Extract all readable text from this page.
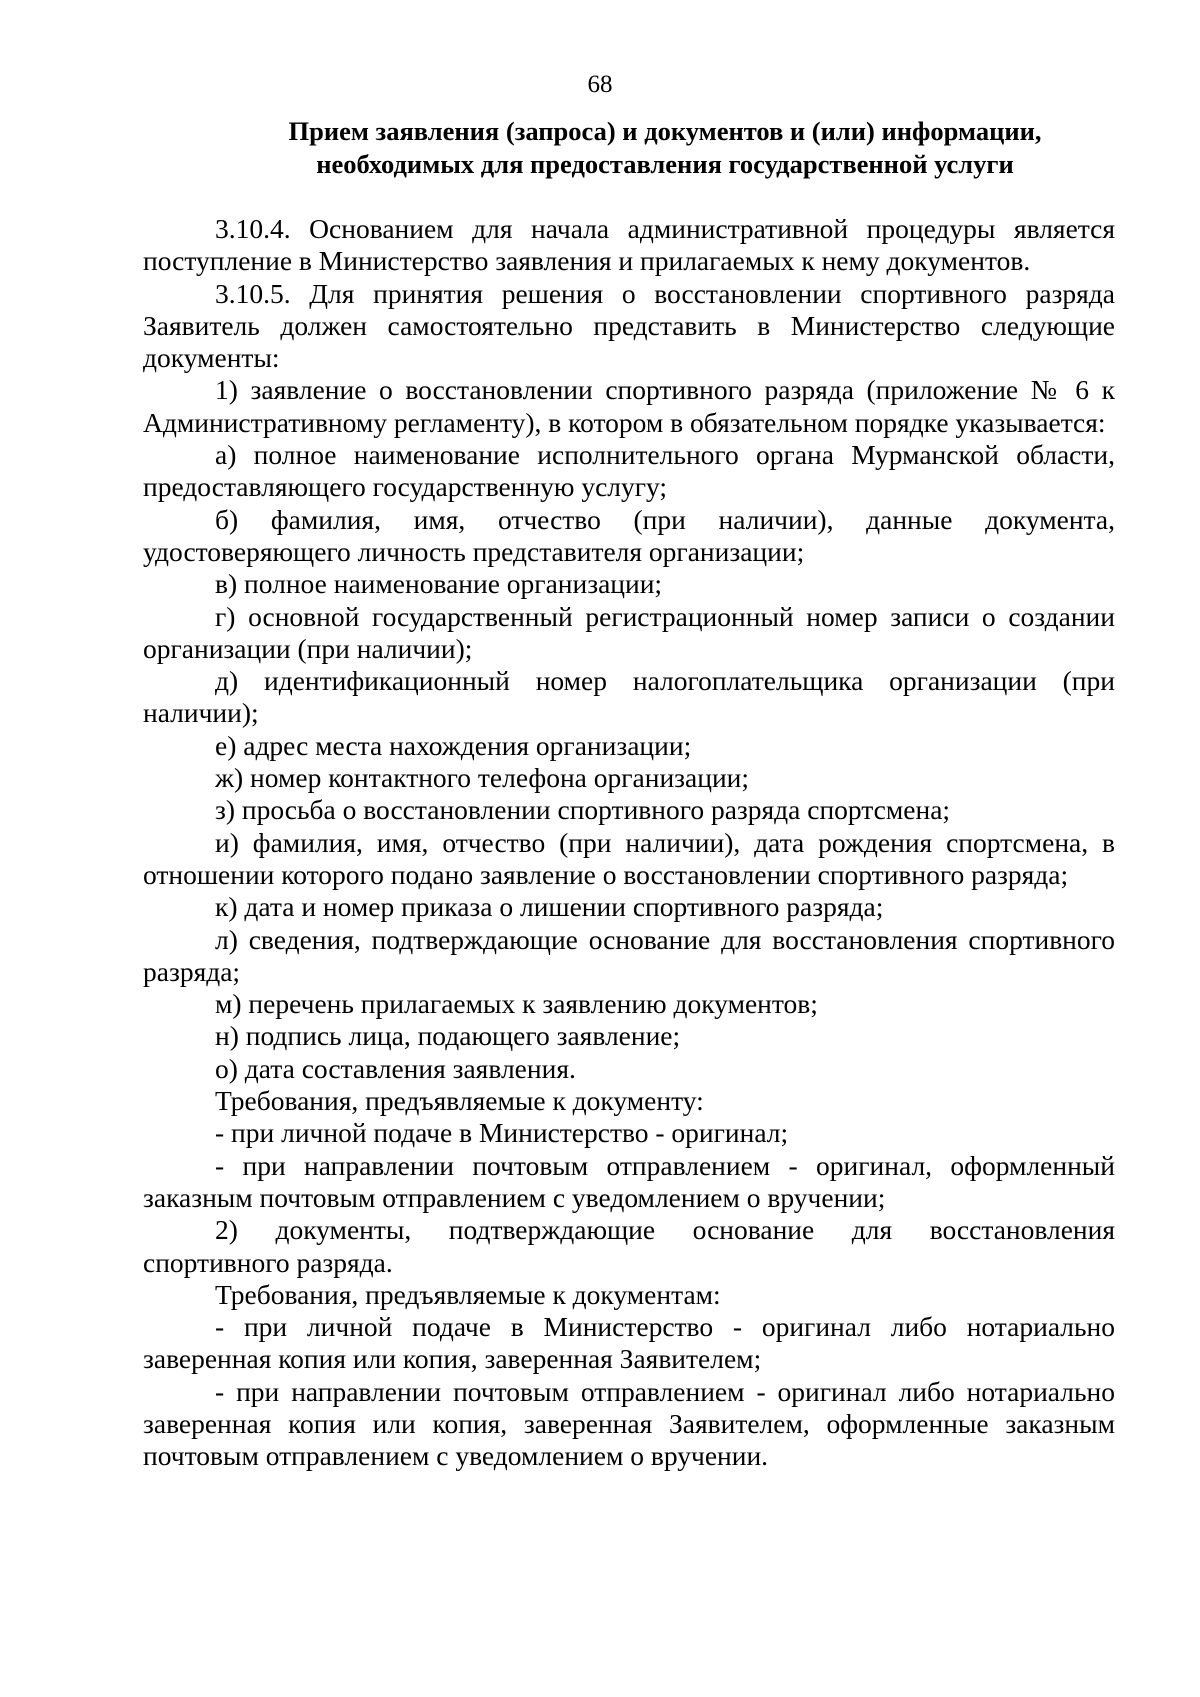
68
Прием заявления (запроса) и документов и (или) информации,
необходимых для предоставления государственной услуги

3.10.4. Основанием для начала административной процедуры является поступление в Министерство заявления и прилагаемых к нему документов.

3.10.5. Для принятия решения о восстановлении спортивного разряда Заявитель должен самостоятельно представить в Министерство следующие документы:

1) заявление о восстановлении спортивного разряда (приложение № 6 к Административному регламенту), в котором в обязательном порядке указывается:

а) полное наименование исполнительного органа Мурманской области, предоставляющего государственную услугу;

б) фамилия, имя, отчество (при наличии), данные документа, удостоверяющего личность представителя организации;

в) полное наименование организации;

г) основной государственный регистрационный номер записи о создании организации (при наличии);

д) идентификационный номер налогоплательщика организации (при наличии);

е) адрес места нахождения организации;

ж) номер контактного телефона организации;

з) просьба о восстановлении спортивного разряда спортсмена;

и) фамилия, имя, отчество (при наличии), дата рождения спортсмена, в отношении которого подано заявление о восстановлении спортивного разряда;

к) дата и номер приказа о лишении спортивного разряда;

л) сведения, подтверждающие основание для восстановления спортивного разряда;

м) перечень прилагаемых к заявлению документов;

н) подпись лица, подающего заявление;

о) дата составления заявления.

Требования, предъявляемые к документу:

- при личной подаче в Министерство - оригинал;

- при направлении почтовым отправлением - оригинал, оформленный заказным почтовым отправлением с уведомлением о вручении;

2) документы, подтверждающие основание для восстановления спортивного разряда.

Требования, предъявляемые к документам:

- при личной подаче в Министерство - оригинал либо нотариально заверенная копия или копия, заверенная Заявителем;

- при направлении почтовым отправлением - оригинал либо нотариально заверенная копия или копия, заверенная Заявителем, оформленные заказным почтовым отправлением с уведомлением о вручении.
